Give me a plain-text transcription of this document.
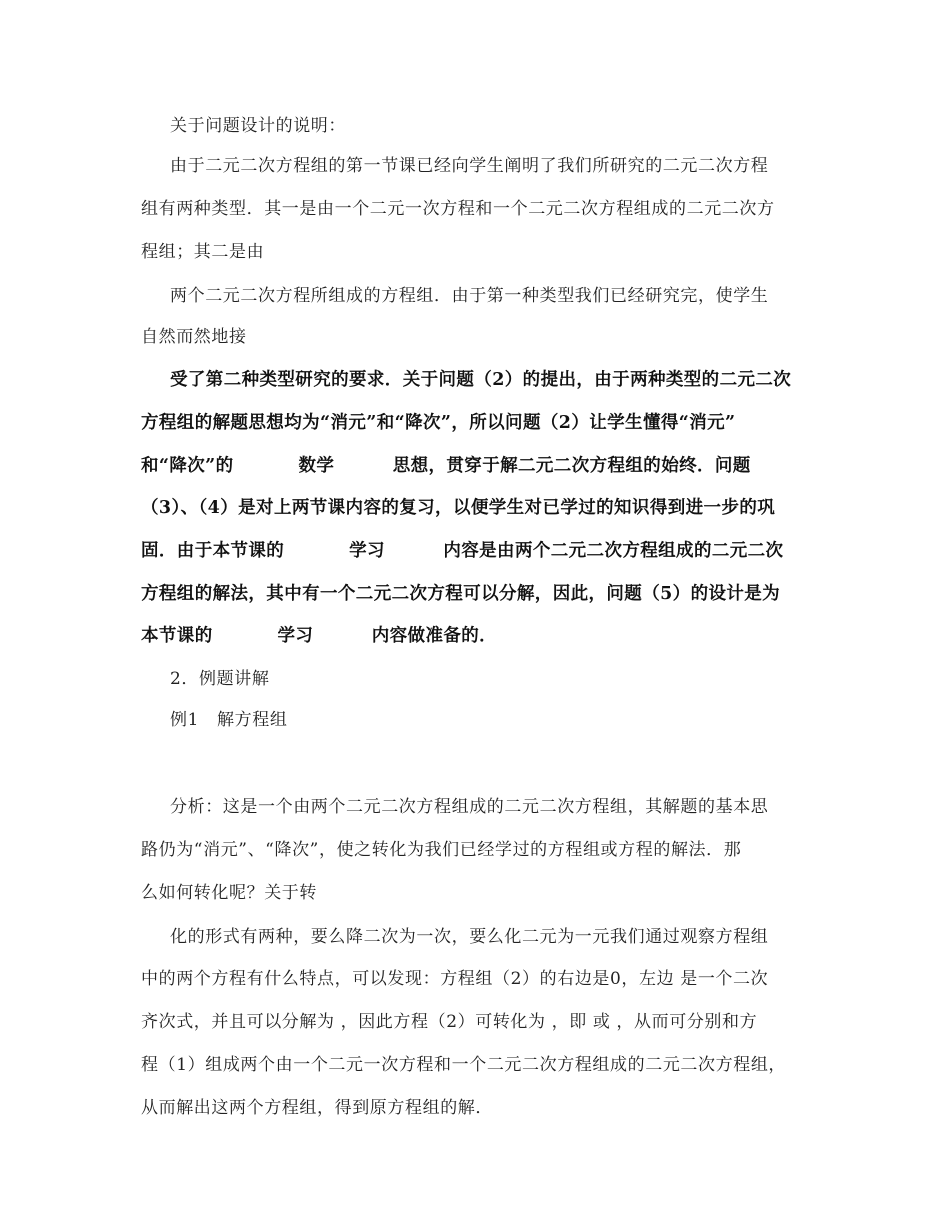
关于问题设计的说明：
由于二元二次方程组的第一节课已经向学生阐明了我们所研究的二元二次方程
组有两种类型．其一是由一个二元一次方程和一个二元二次方程组成的二元二次方
程组；其二是由
两个二元二次方程所组成的方程组．由于第一种类型我们已经研究完，使学生
自然而然地接
受了第二种类型研究的要求．关于问题（2）的提出，由于两种类型的二元二次
方程组的解题思想均为“消元”和“降次”，所以问题（2）让学生懂得“消元”
和“降次”的          数学         思想，贯穿于解二元二次方程组的始终．问题
（3）、（4）是对上两节课内容的复习，以便学生对已学过的知识得到进一步的巩
固．由于本节课的          学习         内容是由两个二元二次方程组成的二元二次
方程组的解法，其中有一个二元二次方程可以分解，因此，问题（5）的设计是为
本节课的          学习         内容做准备的．
2．例题讲解
例1   解方程组
分析：这是一个由两个二元二次方程组成的二元二次方程组，其解题的基本思
路仍为“消元”、“降次”，使之转化为我们已经学过的方程组或方程的解法．那
么如何转化呢？关于转
化的形式有两种，要么降二次为一次，要么化二元为一元我们通过观察方程组
中的两个方程有什么特点，可以发现：方程组（2）的右边是0，左边 是一个二次
齐次式，并且可以分解为 ，因此方程（2）可转化为 ，即 或 ，从而可分别和方
程（1）组成两个由一个二元一次方程和一个二元二次方程组成的二元二次方程组，
从而解出这两个方程组，得到原方程组的解．
